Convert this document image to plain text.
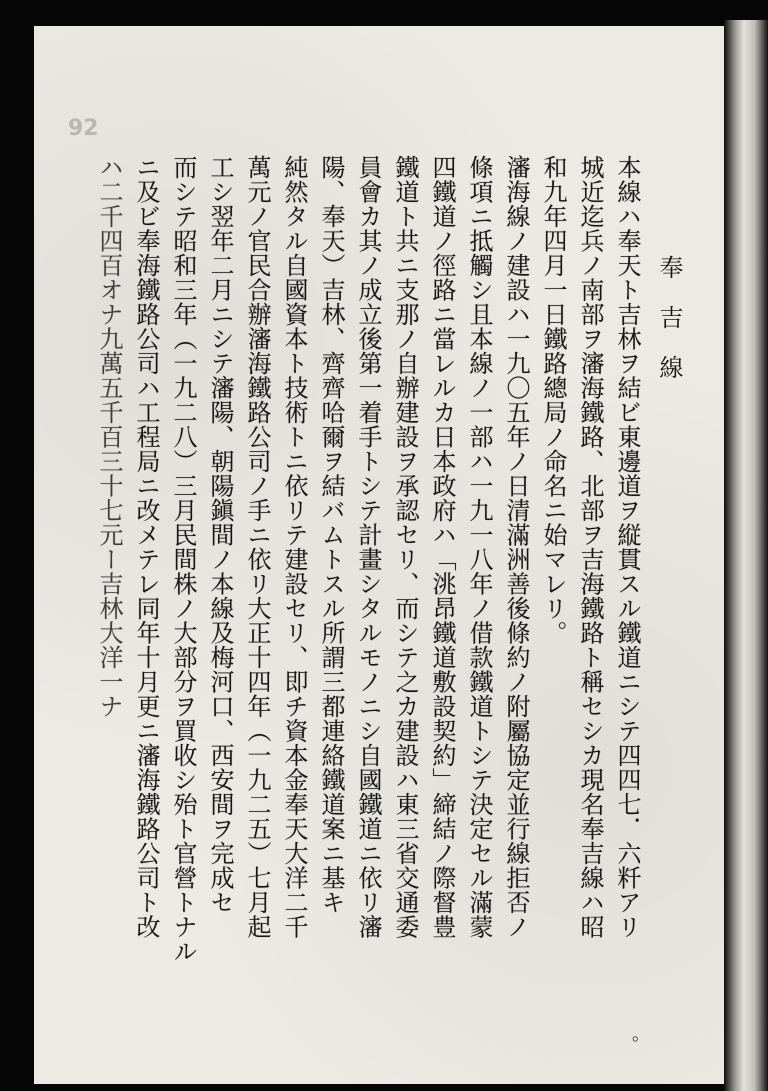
92
奉吉線
本線ハ奉天ト吉林ヲ結ビ東邊道ヲ縦貫スル鐵道ニシテ四四七．六粁アリ
城近迄兵ノ南部ヲ瀋海鐵路、北部ヲ吉海鐵路ト稱セシカ現名奉吉線ハ昭
和九年四月一日鐵路總局ノ命名ニ始マレリ。
瀋海線ノ建設ハ一九〇五年ノ日清滿洲善後條約ノ附屬協定並行線拒否ノ
條項ニ抵觸シ且本線ノ一部ハ一九一八年ノ借款鐵道トシテ決定セル滿蒙
四鐵道ノ徑路ニ當レルカ日本政府ハ「洮昂鐵道敷設契約」締結ノ際督豊
鐵道ト共ニ支那ノ自辦建設ヲ承認セリ、而シテ之カ建設ハ東三省交通委
員會カ其ノ成立後第一着手トシテ計畫シタルモノニシ自國鐵道ニ依リ瀋
陽、奉天）吉林、齊齊哈爾ヲ結バムトスル所謂三都連絡鐵道案ニ基キ
純然タル自國資本ト技術トニ依リテ建設セリ、即チ資本金奉天大洋二千
萬元ノ官民合辦瀋海鐵路公司ノ手ニ依リ大正十四年（一九二五）七月起
工シ翌年二月ニシテ瀋陽、朝陽鎭間ノ本線及梅河口、西安間ヲ完成セ
而シテ昭和三年（一九二八）三月民間株ノ大部分ヲ買收シ殆ト官營トナル
ニ及ビ奉海鐵路公司ハ工程局ニ改メテレ同年十月更ニ瀋海鐵路公司ト改
ハ二千四百オナ九萬五千百三十七元ー吉林大洋一ナ
。
